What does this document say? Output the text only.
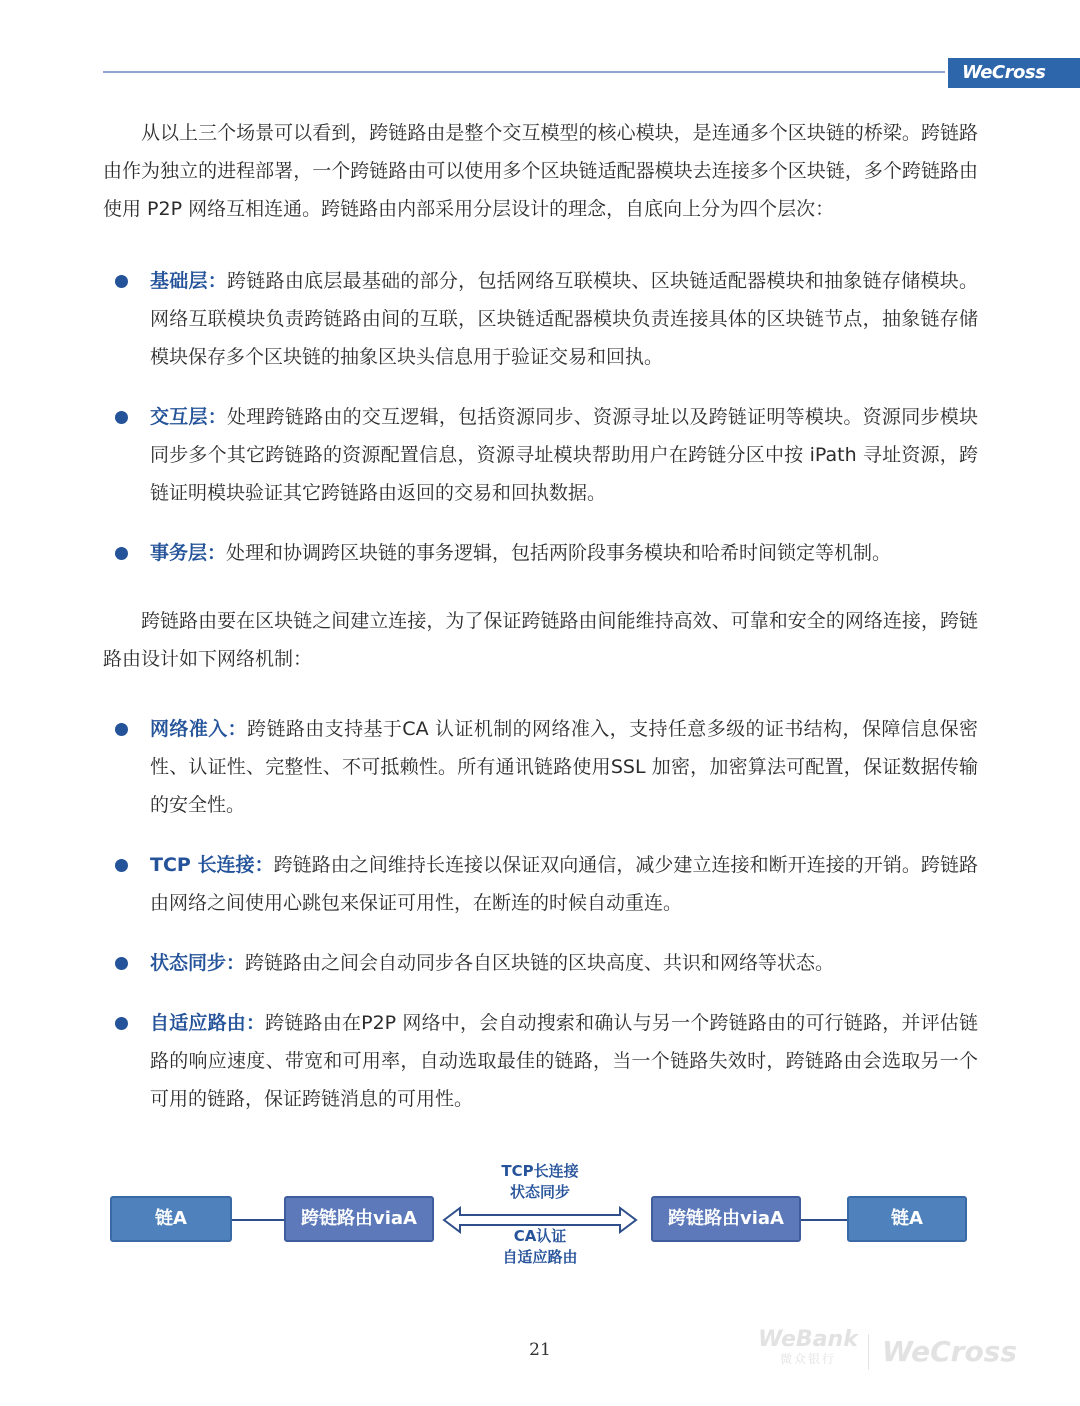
WeCross

从以上三个场景可以看到，跨链路由是整个交互模型的核心模块，是连通多个区块链的桥梁。跨链路由作为独立的进程部署，一个跨链路由可以使用多个区块链适配器模块去连接多个区块链，多个跨链路由使用 P2P 网络互相连通。跨链路由内部采用分层设计的理念，自底向上分为四个层次：

基础层：跨链路由底层最基础的部分，包括网络互联模块、区块链适配器模块和抽象链存储模块。网络互联模块负责跨链路由间的互联，区块链适配器模块负责连接具体的区块链节点，抽象链存储模块保存多个区块链的抽象区块头信息用于验证交易和回执。
交互层：处理跨链路由的交互逻辑，包括资源同步、资源寻址以及跨链证明等模块。资源同步模块同步多个其它跨链路的资源配置信息，资源寻址模块帮助用户在跨链分区中按 iPath 寻址资源，跨链证明模块验证其它跨链路由返回的交易和回执数据。
事务层：处理和协调跨区块链的事务逻辑，包括两阶段事务模块和哈希时间锁定等机制。

跨链路由要在区块链之间建立连接，为了保证跨链路由间能维持高效、可靠和安全的网络连接，跨链路由设计如下网络机制：

网络准入：跨链路由支持基于CA 认证机制的网络准入，支持任意多级的证书结构，保障信息保密性、认证性、完整性、不可抵赖性。所有通讯链路使用SSL 加密，加密算法可配置，保证数据传输的安全性。
TCP 长连接：跨链路由之间维持长连接以保证双向通信，减少建立连接和断开连接的开销。跨链路由网络之间使用心跳包来保证可用性，在断连的时候自动重连。
状态同步：跨链路由之间会自动同步各自区块链的区块高度、共识和网络等状态。
自适应路由：跨链路由在P2P 网络中，会自动搜索和确认与另一个跨链路由的可行链路，并评估链路的响应速度、带宽和可用率，自动选取最佳的链路，当一个链路失效时，跨链路由会选取另一个可用的链路，保证跨链消息的可用性。
链A	跨链路由viaA
TCP长连接
状态同步
CA认证
自适应路由
跨链路由viaA	链A
21	WeBank
微众银行	WeCross
